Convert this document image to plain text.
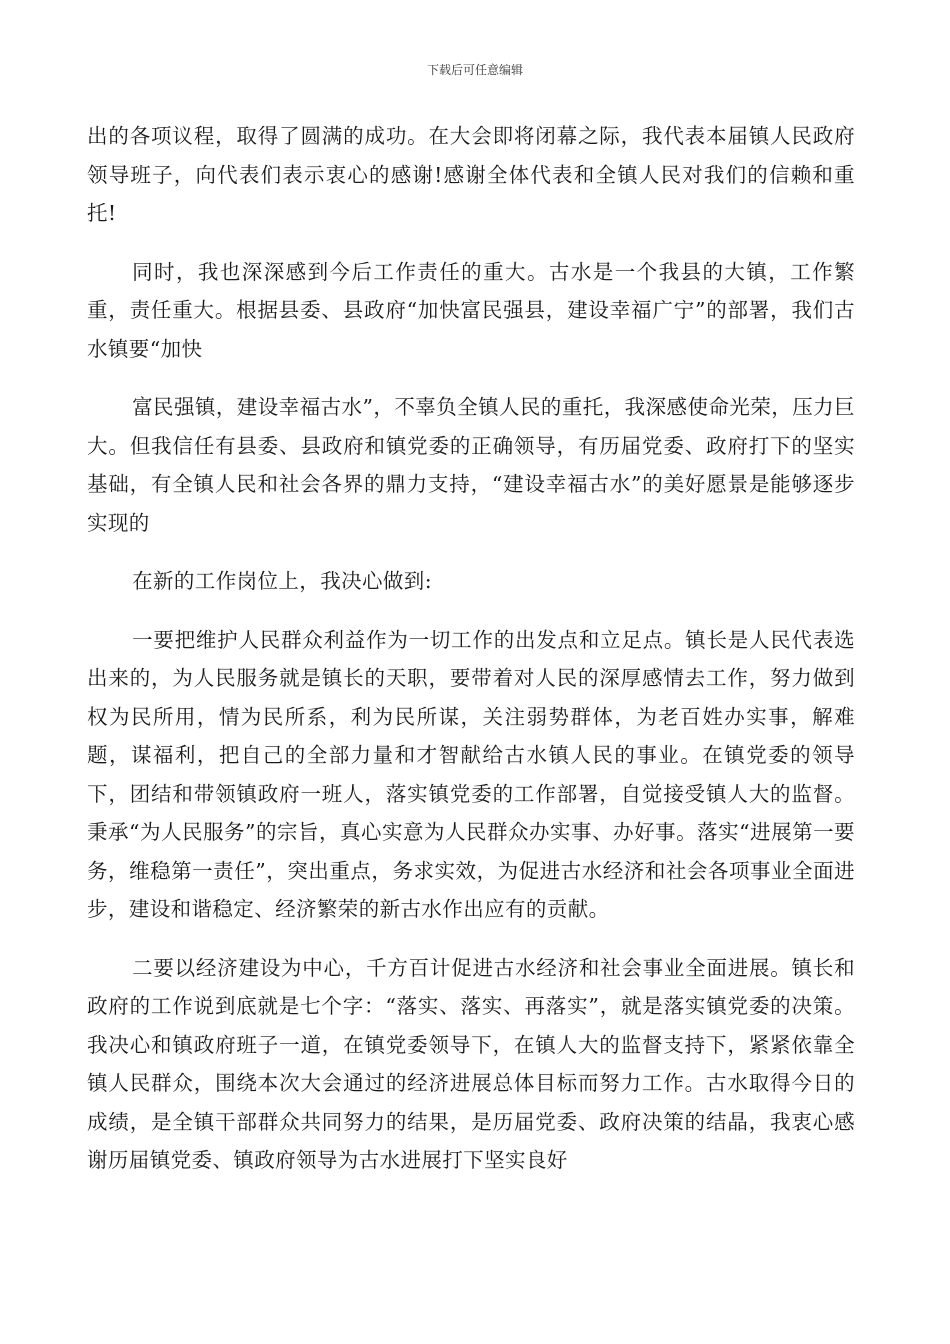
下载后可任意编辑

出的各项议程，取得了圆满的成功。在大会即将闭幕之际，我代表本届镇人民政府领导班子，向代表们表示衷心的感谢!感谢全体代表和全镇人民对我们的信赖和重托!

同时，我也深深感到今后工作责任的重大。古水是一个我县的大镇，工作繁重，责任重大。根据县委、县政府“加快富民强县，建设幸福广宁”的部署，我们古水镇要“加快

富民强镇，建设幸福古水”，不辜负全镇人民的重托，我深感使命光荣，压力巨大。但我信任有县委、县政府和镇党委的正确领导，有历届党委、政府打下的坚实基础，有全镇人民和社会各界的鼎力支持，“建设幸福古水”的美好愿景是能够逐步实现的

在新的工作岗位上，我决心做到:

一要把维护人民群众利益作为一切工作的出发点和立足点。镇长是人民代表选出来的，为人民服务就是镇长的天职，要带着对人民的深厚感情去工作，努力做到权为民所用，情为民所系，利为民所谋，关注弱势群体，为老百姓办实事，解难题，谋福利，把自己的全部力量和才智献给古水镇人民的事业。在镇党委的领导下，团结和带领镇政府一班人，落实镇党委的工作部署，自觉接受镇人大的监督。秉承“为人民服务”的宗旨，真心实意为人民群众办实事、办好事。落实“进展第一要务，维稳第一责任”，突出重点，务求实效，为促进古水经济和社会各项事业全面进步，建设和谐稳定、经济繁荣的新古水作出应有的贡献。

二要以经济建设为中心，千方百计促进古水经济和社会事业全面进展。镇长和政府的工作说到底就是七个字：“落实、落实、再落实”，就是落实镇党委的决策。我决心和镇政府班子一道，在镇党委领导下，在镇人大的监督支持下，紧紧依靠全镇人民群众，围绕本次大会通过的经济进展总体目标而努力工作。古水取得今日的成绩，是全镇干部群众共同努力的结果，是历届党委、政府决策的结晶，我衷心感谢历届镇党委、镇政府领导为古水进展打下坚实良好
